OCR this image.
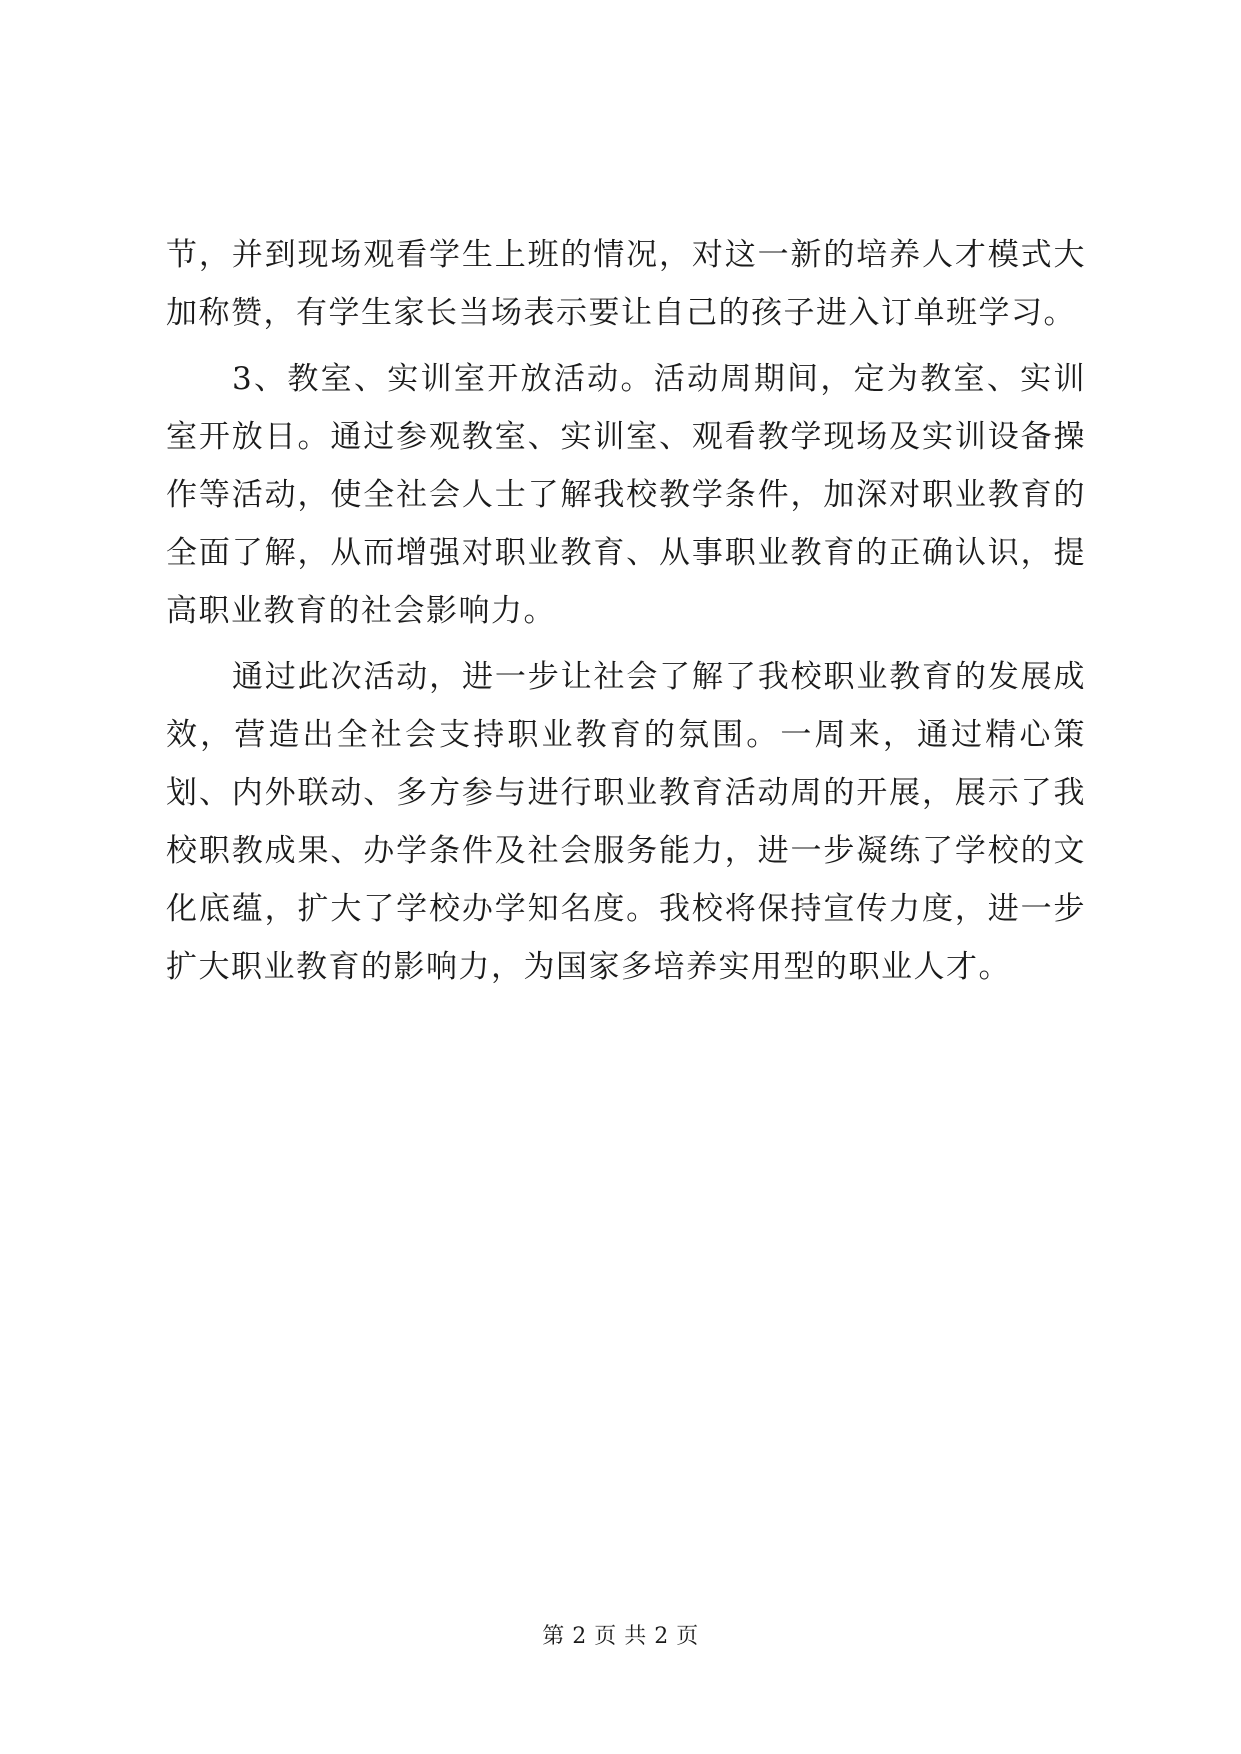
节，并到现场观看学生上班的情况，对这一新的培养人才模式大加称赞，有学生家长当场表示要让自己的孩子进入订单班学习。

3、教室、实训室开放活动。活动周期间，定为教室、实训室开放日。通过参观教室、实训室、观看教学现场及实训设备操作等活动，使全社会人士了解我校教学条件，加深对职业教育的全面了解，从而增强对职业教育、从事职业教育的正确认识，提高职业教育的社会影响力。

通过此次活动，进一步让社会了解了我校职业教育的发展成效，营造出全社会支持职业教育的氛围。一周来，通过精心策划、内外联动、多方参与进行职业教育活动周的开展，展示了我校职教成果、办学条件及社会服务能力，进一步凝练了学校的文化底蕴，扩大了学校办学知名度。我校将保持宣传力度，进一步扩大职业教育的影响力，为国家多培养实用型的职业人才。

第 2 页 共 2 页
